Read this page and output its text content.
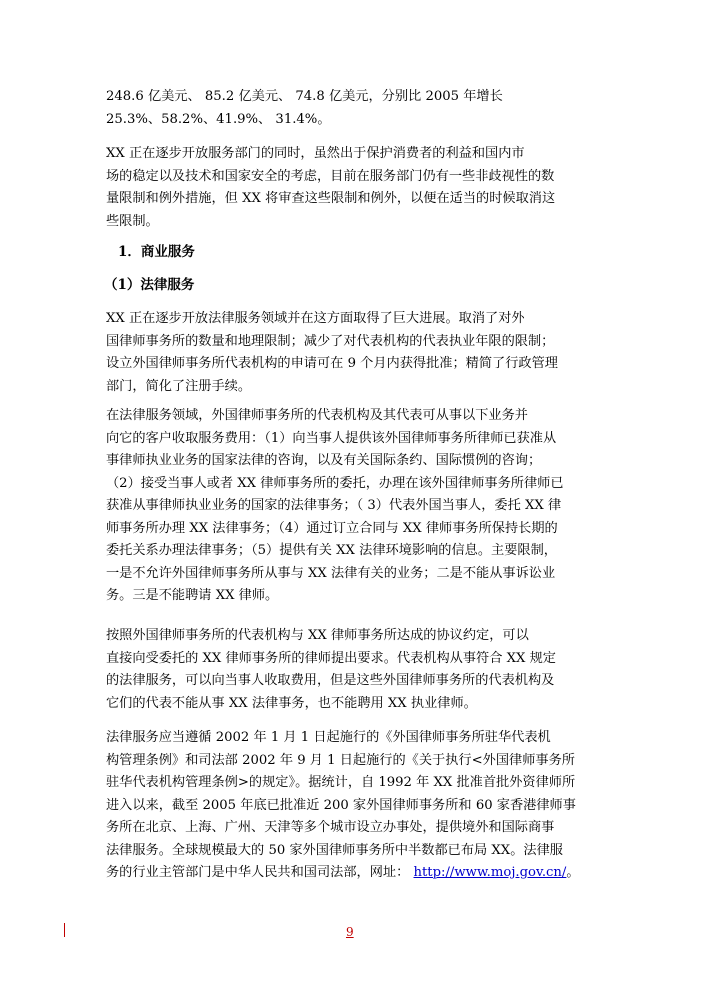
248.6 亿美元、 85.2 亿美元、 74.8 亿美元，分别比 2005 年增长
25.3%、58.2%、41.9%、 31.4%。
XX 正在逐步开放服务部门的同时，虽然出于保护消费者的利益和国内市
场的稳定以及技术和国家安全的考虑，目前在服务部门仍有一些非歧视性的数
量限制和例外措施，但 XX 将审查这些限制和例外，以便在适当的时候取消这
些限制。
1．商业服务
（1）法律服务
XX 正在逐步开放法律服务领域并在这方面取得了巨大进展。取消了对外
国律师事务所的数量和地理限制；减少了对代表机构的代表执业年限的限制；
设立外国律师事务所代表机构的申请可在 9 个月内获得批准；精简了行政管理
部门，简化了注册手续。
在法律服务领域，外国律师事务所的代表机构及其代表可从事以下业务并
向它的客户收取服务费用：（1）向当事人提供该外国律师事务所律师已获准从
事律师执业业务的国家法律的咨询，以及有关国际条约、国际惯例的咨询；
（2）接受当事人或者 XX 律师事务所的委托，办理在该外国律师事务所律师已
获准从事律师执业业务的国家的法律事务；（ 3）代表外国当事人，委托 XX 律
师事务所办理 XX 法律事务；（4）通过订立合同与 XX 律师事务所保持长期的
委托关系办理法律事务；（5）提供有关 XX 法律环境影响的信息。主要限制，
一是不允许外国律师事务所从事与 XX 法律有关的业务；二是不能从事诉讼业
务。三是不能聘请 XX 律师。
按照外国律师事务所的代表机构与 XX 律师事务所达成的协议约定，可以
直接向受委托的 XX 律师事务所的律师提出要求。代表机构从事符合 XX 规定
的法律服务，可以向当事人收取费用，但是这些外国律师事务所的代表机构及
它们的代表不能从事 XX 法律事务，也不能聘用 XX 执业律师。
法律服务应当遵循 2002 年 1 月 1 日起施行的《外国律师事务所驻华代表机
构管理条例》和司法部 2002 年 9 月 1 日起施行的《关于执行<外国律师事务所
驻华代表机构管理条例>的规定》。据统计，自 1992 年 XX 批准首批外资律师所
进入以来，截至 2005 年底已批准近 200 家外国律师事务所和 60 家香港律师事
务所在北京、上海、广州、天津等多个城市设立办事处，提供境外和国际商事
法律服务。全球规模最大的 50 家外国律师事务所中半数都已布局 XX。法律服
务的行业主管部门是中华人民共和国司法部，网址： http://www.moj.gov.cn/。
9
